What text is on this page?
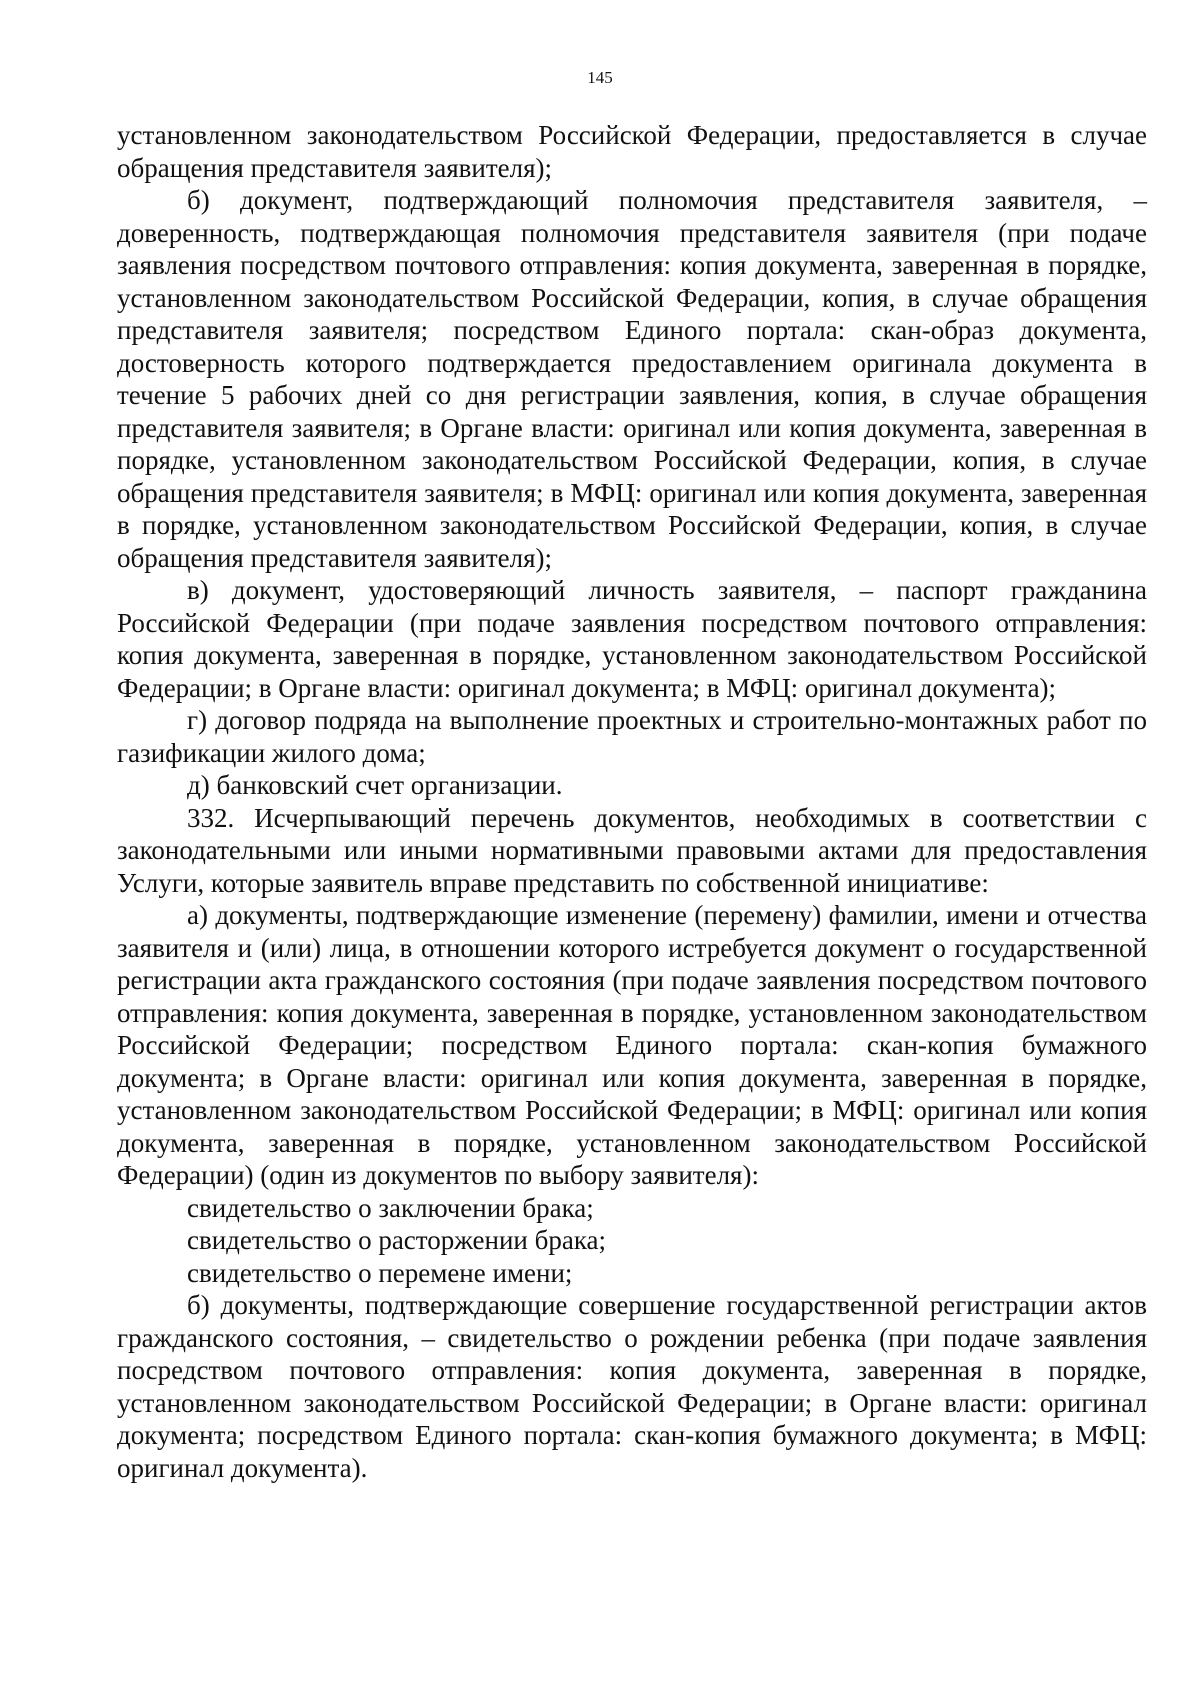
145

установленном законодательством Российской Федерации, предоставляется в случае обращения представителя заявителя);

б) документ, подтверждающий полномочия представителя заявителя, – доверенность, подтверждающая полномочия представителя заявителя (при подаче заявления посредством почтового отправления: копия документа, заверенная в порядке, установленном законодательством Российской Федерации, копия, в случае обращения представителя заявителя; посредством Единого портала: скан-образ документа, достоверность которого подтверждается предоставлением оригинала документа в течение 5 рабочих дней со дня регистрации заявления, копия, в случае обращения представителя заявителя; в Органе власти: оригинал или копия документа, заверенная в порядке, установленном законодательством Российской Федерации, копия, в случае обращения представителя заявителя; в МФЦ: оригинал или копия документа, заверенная в порядке, установленном законодательством Российской Федерации, копия, в случае обращения представителя заявителя);

в) документ, удостоверяющий личность заявителя, – паспорт гражданина Российской Федерации (при подаче заявления посредством почтового отправления: копия документа, заверенная в порядке, установленном законодательством Российской Федерации; в Органе власти: оригинал документа; в МФЦ: оригинал документа);

г) договор подряда на выполнение проектных и строительно-монтажных работ по газификации жилого дома;

д) банковский счет организации.

332. Исчерпывающий перечень документов, необходимых в соответствии с законодательными или иными нормативными правовыми актами для предоставления Услуги, которые заявитель вправе представить по собственной инициативе:

а) документы, подтверждающие изменение (перемену) фамилии, имени и отчества заявителя и (или) лица, в отношении которого истребуется документ о государственной регистрации акта гражданского состояния (при подаче заявления посредством почтового отправления: копия документа, заверенная в порядке, установленном законодательством Российской Федерации; посредством Единого портала: скан-копия бумажного документа; в Органе власти: оригинал или копия документа, заверенная в порядке, установленном законодательством Российской Федерации; в МФЦ: оригинал или копия документа, заверенная в порядке, установленном законодательством Российской Федерации) (один из документов по выбору заявителя):

свидетельство о заключении брака;

свидетельство о расторжении брака;

свидетельство о перемене имени;

б) документы, подтверждающие совершение государственной регистрации актов гражданского состояния, – свидетельство о рождении ребенка (при подаче заявления посредством почтового отправления: копия документа, заверенная в порядке, установленном законодательством Российской Федерации; в Органе власти: оригинал документа; посредством Единого портала: скан-копия бумажного документа; в МФЦ: оригинал документа).
